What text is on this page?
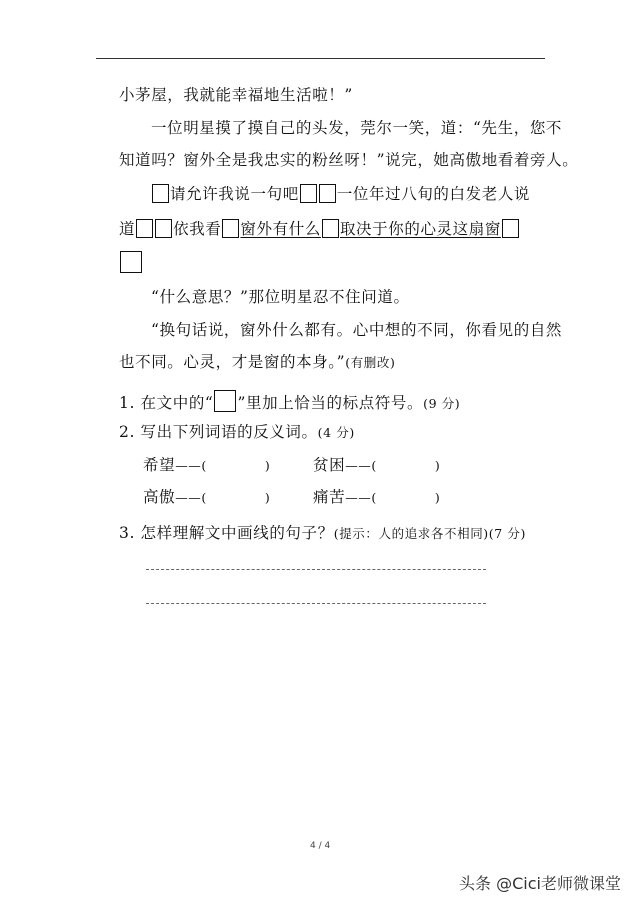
小茅屋，我就能幸福地生活啦！”
一位明星摸了摸自己的头发，莞尔一笑，道：“先生，您不
知道吗？窗外全是我忠实的粉丝呀！”说完，她高傲地看着旁人。
请允许我说一句吧 一位年过八旬的白发老人说
道 依我看 窗外有什么 取决于你的心灵这扇窗
“什么意思？”那位明星忍不住问道。
“换句话说，窗外什么都有。心中想的不同，你看见的自然
也不同。心灵，才是窗的本身。”(有删改)
1. 在文中的“ ”里加上恰当的标点符号。(9 分)
2. 写出下列词语的反义词。(4 分)
希望——(	)	贫困——(	)
高傲——(	)	痛苦——(	)
3. 怎样理解文中画线的句子？(提示：人的追求各不相同)(7 分)
4 / 4
头条 @Cici老师微课堂
